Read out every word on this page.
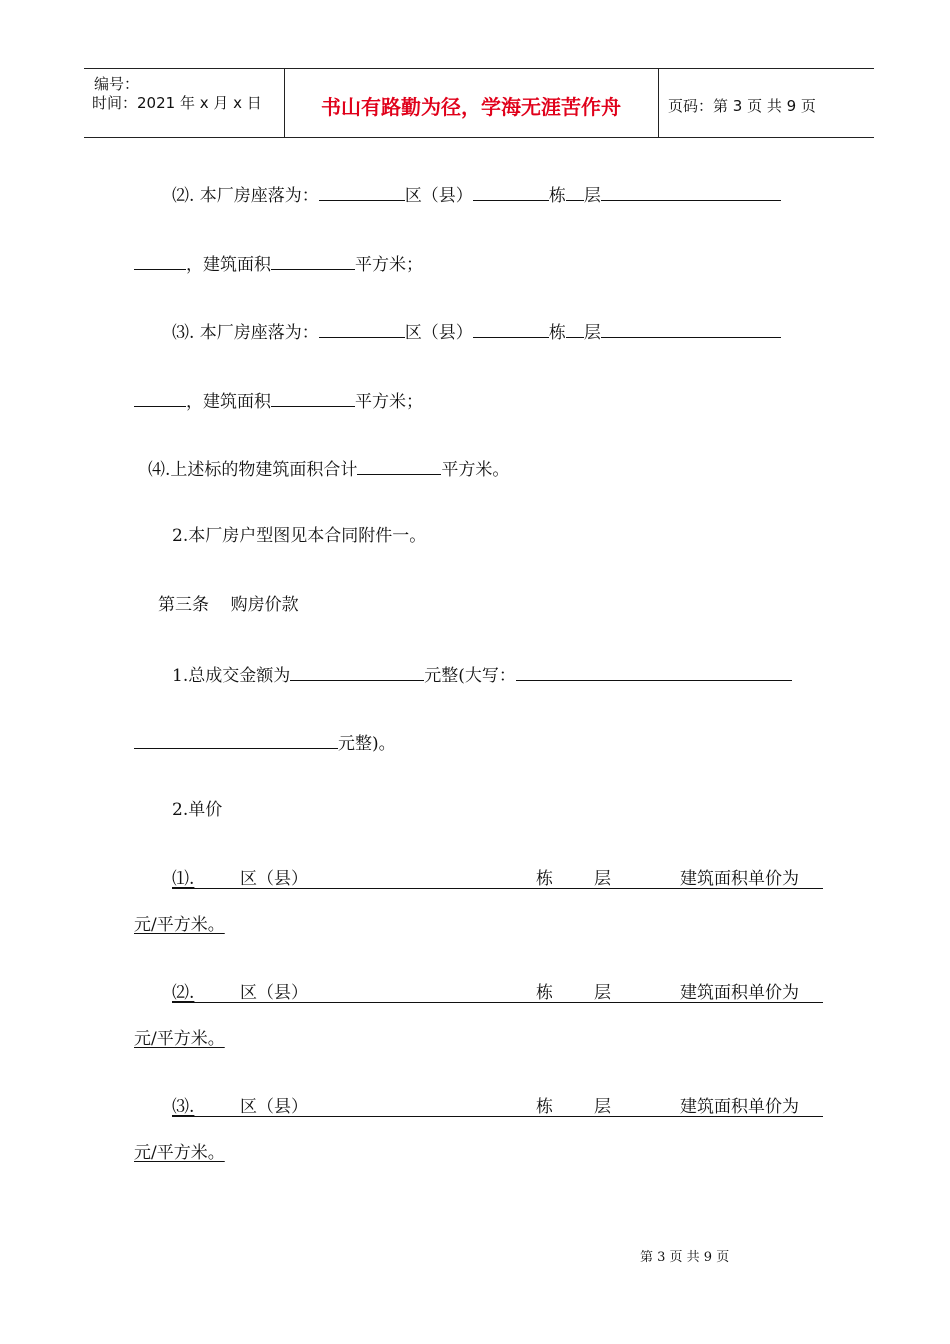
编号：
时间：2021 年 x 月 x 日	书山有路勤为径，学海无涯苦作舟	页码：第 3 页 共 9 页
⑵. 本厂房座落为：	区（县）	栋 层
，建筑面积	平方米；
⑶. 本厂房座落为：	区（县）	栋 层
，建筑面积	平方米；
⑷.上述标的物建筑面积合计	平方米。
2.本厂房户型图见本合同附件一。
第三条    购房价款
1.总成交金额为	元整(大写：
元整)。
2.单价
⑴.	区（县）	栋 层	建筑面积单价为
元/平方米。
⑵.	区（县）	栋 层	建筑面积单价为
元/平方米。
⑶.	区（县）	栋 层	建筑面积单价为
元/平方米。
第 3 页 共 9 页
